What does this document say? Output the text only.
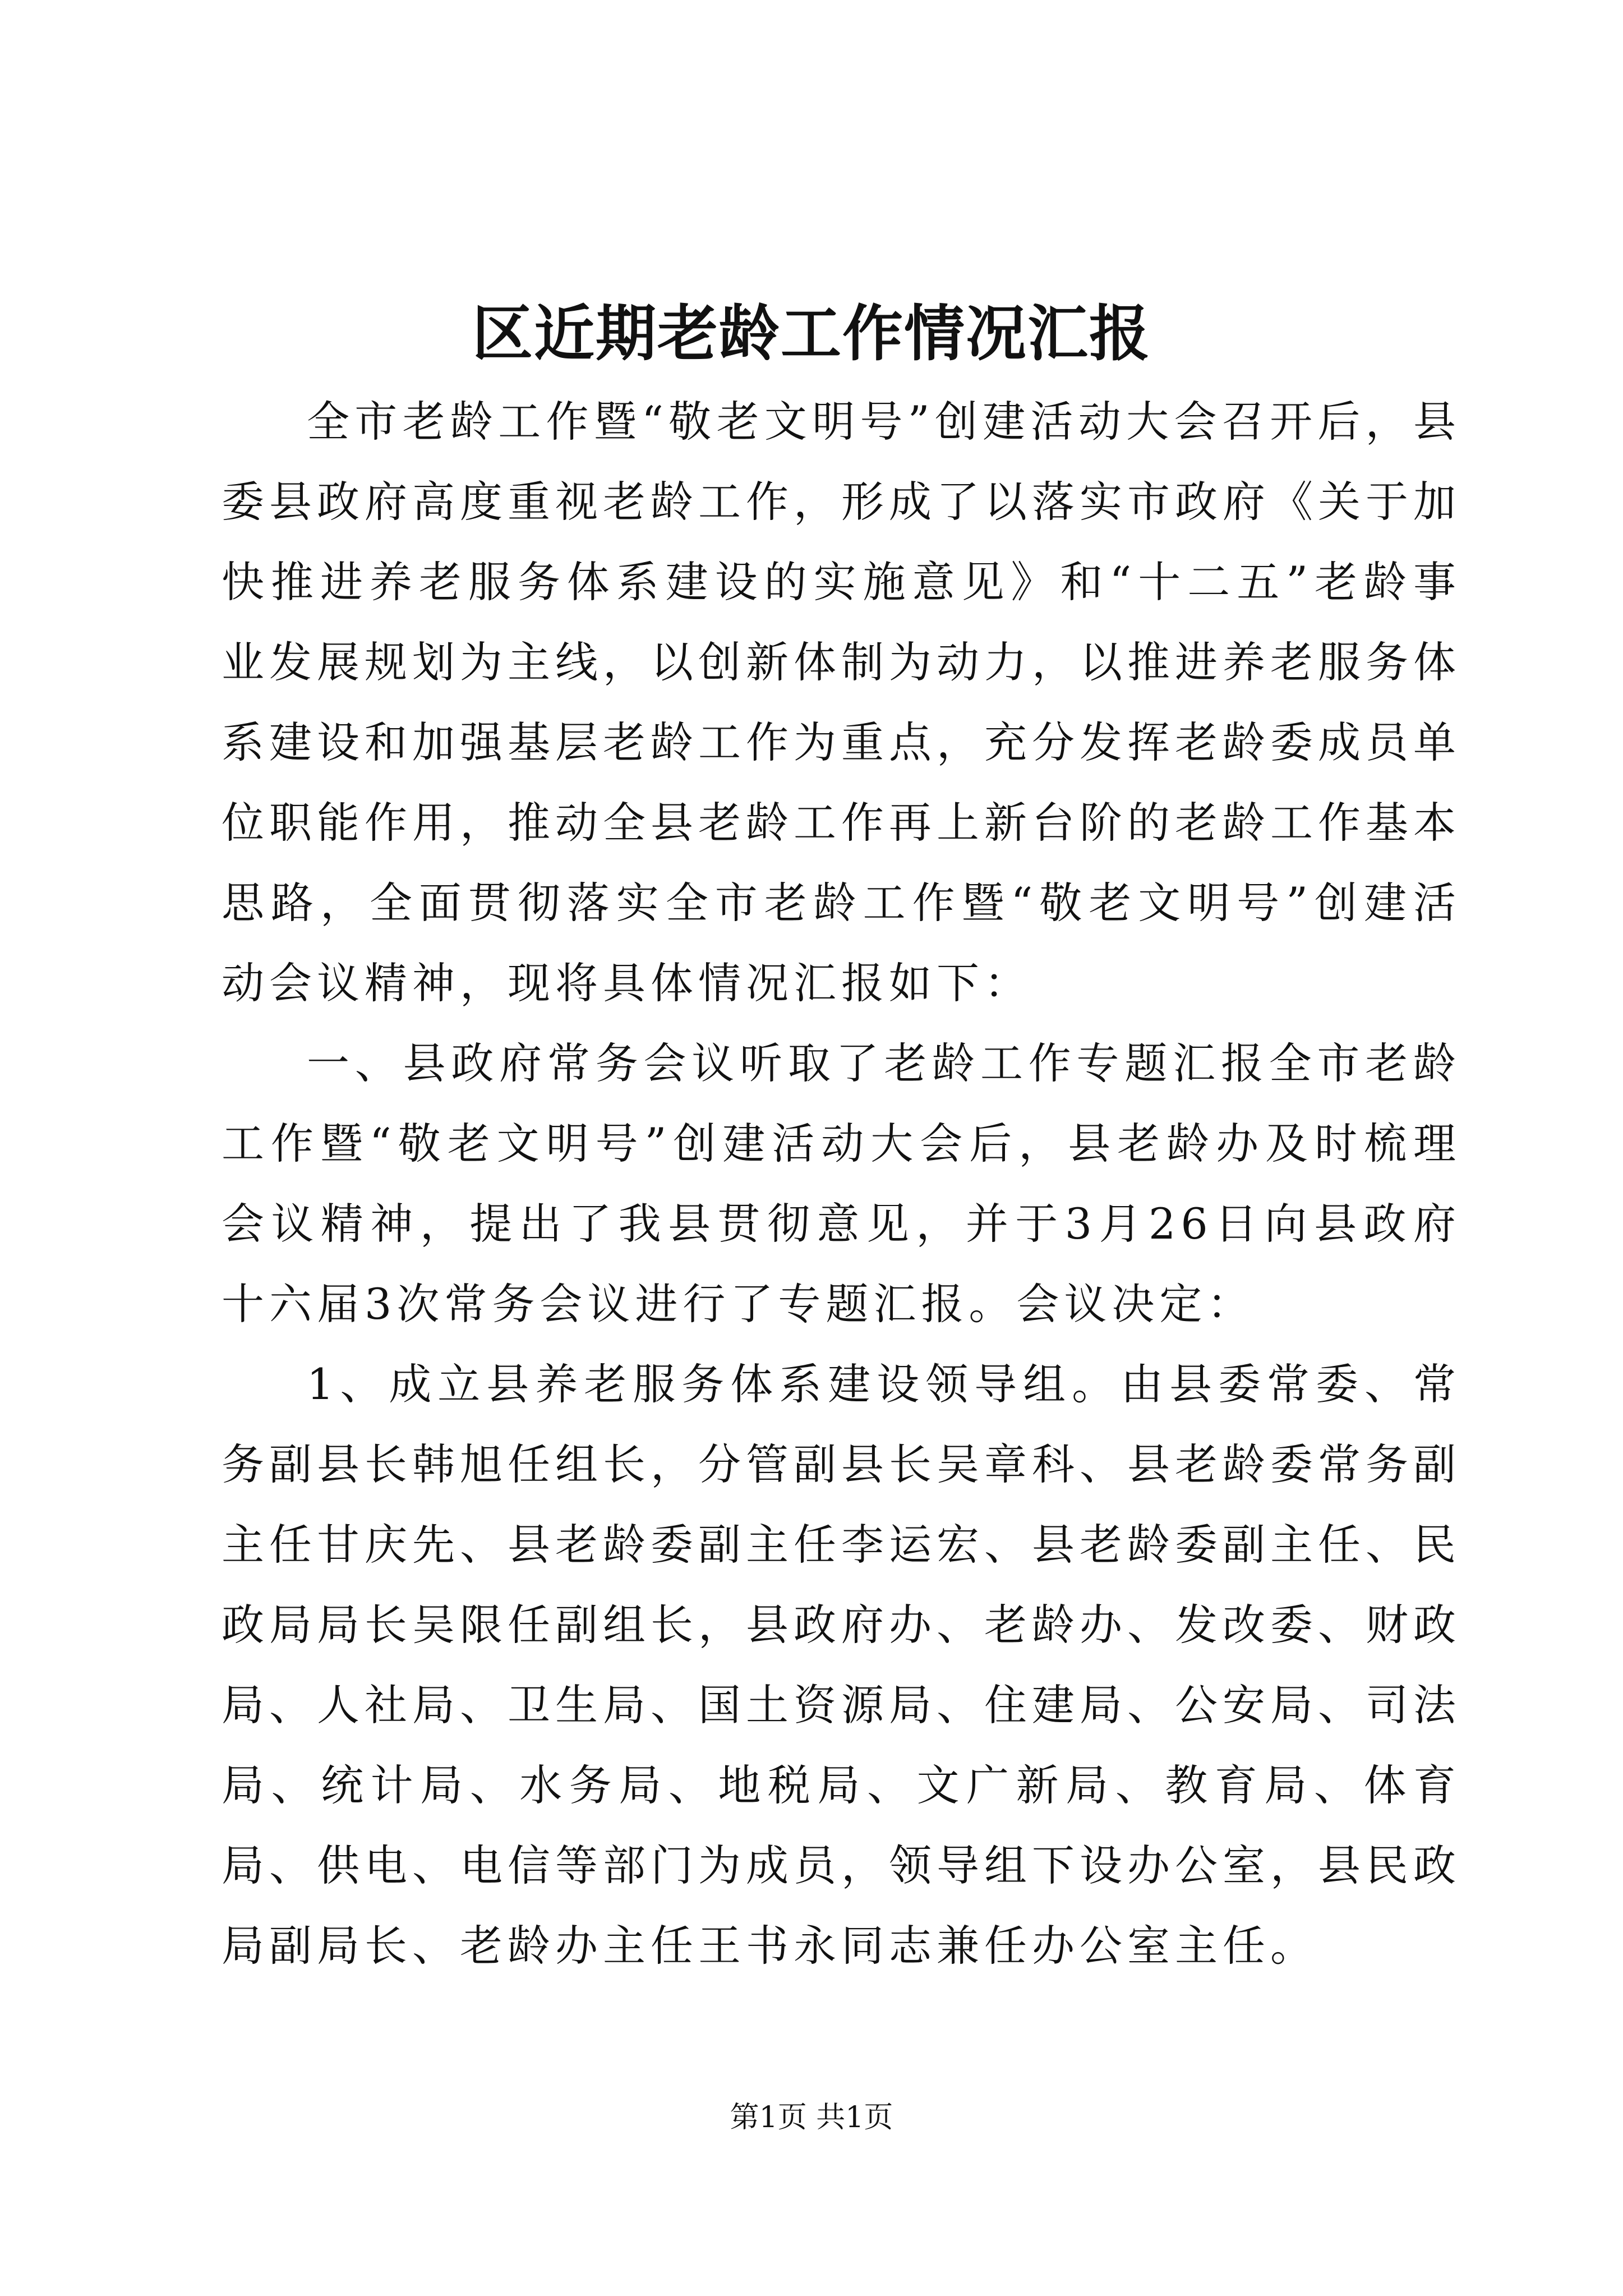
区近期老龄工作情况汇报

全市老龄工作暨“敬老文明号”创建活动大会召开后，县委县政府高度重视老龄工作，形成了以落实市政府《关于加快推进养老服务体系建设的实施意见》和“十二五”老龄事业发展规划为主线，以创新体制为动力，以推进养老服务体系建设和加强基层老龄工作为重点，充分发挥老龄委成员单位职能作用，推动全县老龄工作再上新台阶的老龄工作基本思路，全面贯彻落实全市老龄工作暨“敬老文明号”创建活动会议精神，现将具体情况汇报如下：

一、县政府常务会议听取了老龄工作专题汇报全市老龄工作暨“敬老文明号”创建活动大会后，县老龄办及时梳理会议精神，提出了我县贯彻意见，并于3月26日向县政府十六届3次常务会议进行了专题汇报。会议决定：

1、成立县养老服务体系建设领导组。由县委常委、常务副县长韩旭任组长，分管副县长吴章科、县老龄委常务副主任甘庆先、县老龄委副主任李运宏、县老龄委副主任、民政局局长吴限任副组长，县政府办、老龄办、发改委、财政局、人社局、卫生局、国土资源局、住建局、公安局、司法局、统计局、水务局、地税局、文广新局、教育局、体育局、供电、电信等部门为成员，领导组下设办公室，县民政局副局长、老龄办主任王书永同志兼任办公室主任。

第1页 共1页
